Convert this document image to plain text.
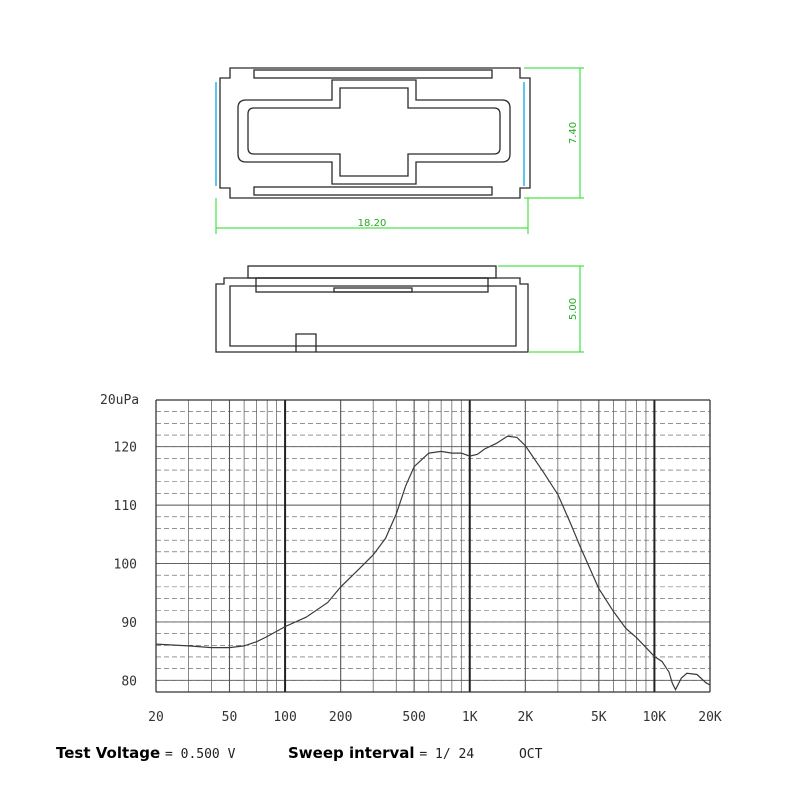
18.20
7.40
5.00
20uPa
80
90
100
110
120
20	50	100 200	500	1K	2K	5K	10K 20K
Test Voltage = 0.500 V	Sweep interval = 1/ 24	OCT
